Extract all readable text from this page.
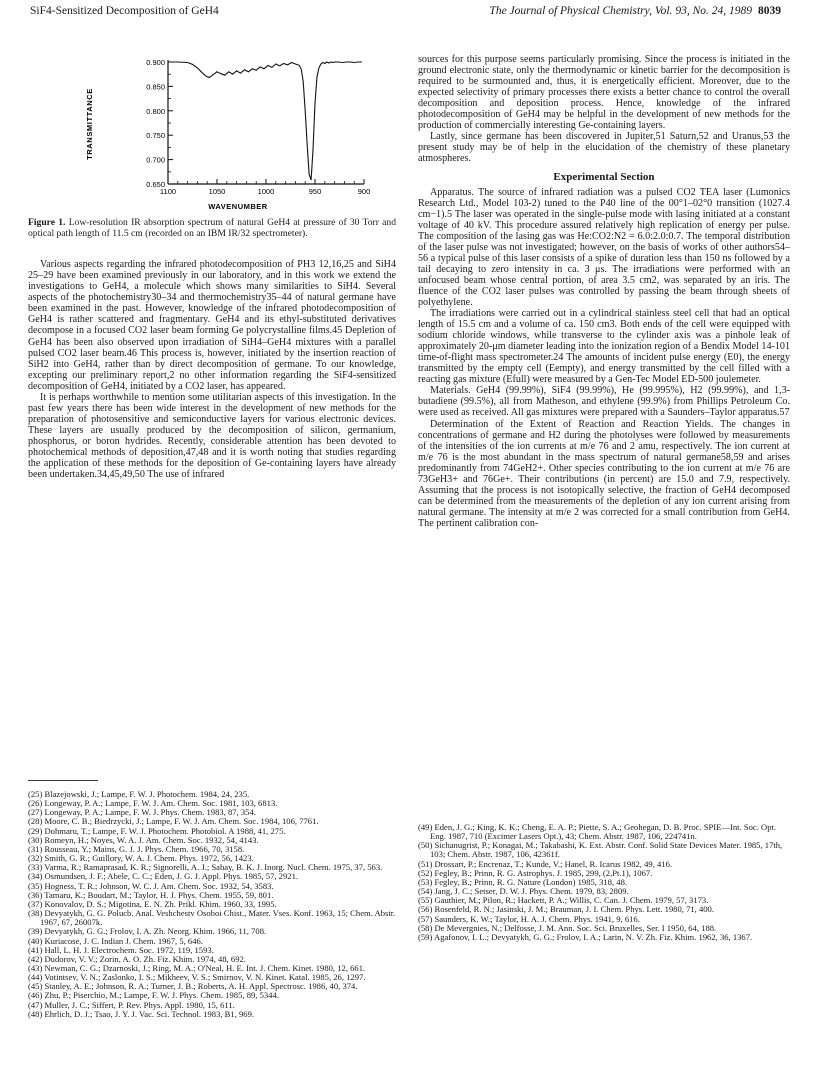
SiF4-Sensitized Decomposition of GeH4	The Journal of Physical Chemistry, Vol. 93, No. 24, 1989 8039
TRANSMITTANCE
0.900
0.850
0.800
0.750
0.700
0.650
1100	1050	1000	950	900
WAVENUMBER

Figure 1. Low-resolution IR absorption spectrum of natural GeH4 at pressure of 30 Torr and optical path length of 11.5 cm (recorded on an IBM IR/32 spectrometer).

Various aspects regarding the infrared photodecomposition of PH3 12,16,25 and SiH4 25–29 have been examined previously in our laboratory, and in this work we extend the investigations to GeH4, a molecule which shows many similarities to SiH4. Several aspects of the photochemistry30–34 and thermochemistry35–44 of natural germane have been examined in the past. However, knowledge of the infrared photodecomposition of GeH4 is rather scattered and fragmentary. GeH4 and its ethyl-substituted derivatives decompose in a focused CO2 laser beam forming Ge polycrystalline films.45 Depletion of GeH4 has been also observed upon irradiation of SiH4–GeH4 mixtures with a parallel pulsed CO2 laser beam.46 This process is, however, initiated by the insertion reaction of SiH2 into GeH4, rather than by direct decomposition of germane. To our knowledge, excepting our preliminary report,2 no other information regarding the SiF4-sensitized decomposition of GeH4, initiated by a CO2 laser, has appeared.

It is perhaps worthwhile to mention some utilitarian aspects of this investigation. In the past few years there has been wide interest in the development of new methods for the preparation of photosensitive and semiconductive layers for various electronic devices. These layers are usually produced by the decomposition of silicon, germanium, phosphorus, or boron hydrides. Recently, considerable attention has been devoted to photochemical methods of deposition,47,48 and it is worth noting that studies regarding the application of these methods for the deposition of Ge-containing layers have already been undertaken.34,45,49,50 The use of infrared

(25) Blazejowski, J.; Lampe, F. W. J. Photochem. 1984, 24, 235.
(26) Longeway, P. A.; Lampe, F. W. J. Am. Chem. Soc. 1981, 103, 6813.
(27) Longeway, P. A.; Lampe, F. W. J. Phys. Chem. 1983, 87, 354.
(28) Moore, C. B.; Biedrzycki, J.; Lampe, F. W. J. Am. Chem. Soc. 1984, 106, 7761.
(29) Dohmaru, T.; Lampe, F. W. J. Photochem. Photobiol. A 1988, 41, 275.
(30) Romeyn, H.; Noyes, W. A. J. Am. Chem. Soc. 1932, 54, 4143.
(31) Rousseau, Y.; Mains, G. J. J. Phys. Chem. 1966, 70, 3158.
(32) Smith, G. R.; Guillory, W. A. J. Chem. Phys. 1972, 56, 1423.
(33) Varma, R.; Ramaprasad, K. R.; Signorelli, A. J.; Sahay, B. K. J. Inorg. Nucl. Chem. 1975, 37, 563.
(34) Osmundsen, J. F.; Abele, C. C.; Eden, J. G. J. Appl. Phys. 1985, 57, 2921.
(35) Hogness, T. R.; Johnson, W. C. J. Am. Chem. Soc. 1932, 54, 3583.
(36) Tamaru, K.; Boudart, M.; Taylor, H. J. Phys. Chem. 1955, 59, 801.
(37) Konovalov, D. S.; Migotina, E. N. Zh. Prikl. Khim. 1960, 33, 1995.
(38) Devyatykh, G. G. Polucb. Anal. Veshchestv Osoboi Chist., Mater. Vses. Konf. 1963, 15; Chem. Abstr. 1967, 67, 26007k.
(39) Devyatykh, G. G.; Frolov, I. A. Zh. Neorg. Khim. 1966, 11, 708.
(40) Kuriacose, J. C. Indian J. Chem. 1967, 5, 646.
(41) Hall, L. H. J. Electrochem. Soc. 1972, 119, 1593.
(42) Dudorov, V. V.; Zorin, A. O. Zh. Fiz. Khim. 1974, 48, 692.
(43) Newman, C. G.; Dzarnoski, J.; Ring, M. A.; O'Neal, H. E. Int. J. Chem. Kinet. 1980, 12, 661.
(44) Votintsev, V. N.; Zaslonko, I. S.; Mikheev, V. S.; Smirnov, V. N. Kinet. Katal. 1985, 26, 1297.
(45) Stanley, A. E.; Johnson, R. A.; Turner, J. B.; Roberts, A. H. Appl. Spectrosc. 1986, 40, 374.
(46) Zhu, P.; Piserchio, M.; Lampe, F. W. J. Phys. Chem. 1985, 89, 5344.
(47) Muller, J. C.; Siffert, P. Rev. Phys. Appl. 1980, 15, 611.
(48) Ehrlich, D. J.; Tsao, J. Y. J. Vac. Sci. Technol. 1983, B1, 969.

sources for this purpose seems particularly promising. Since the process is initiated in the ground electronic state, only the thermodynamic or kinetic barrier for the decomposition is required to be surmounted and, thus, it is energetically efficient. Moreover, due to the expected selectivity of primary processes there exists a better chance to control the overall decomposition and deposition process. Hence, knowledge of the infrared photodecomposition of GeH4 may be helpful in the development of new methods for the production of commercially interesting Ge-containing layers.

Lastly, since germane has been discovered in Jupiter,51 Saturn,52 and Uranus,53 the present study may be of help in the elucidation of the chemistry of these planetary atmospheres.

Experimental Section

Apparatus. The source of infrared radiation was a pulsed CO2 TEA laser (Lumonics Research Ltd., Model 103-2) tuned to the P40 line of the 00°1–02°0 transition (1027.4 cm−1).5 The laser was operated in the single-pulse mode with lasing initiated at a constant voltage of 40 kV. This procedure assured relatively high replication of energy per pulse. The composition of the lasing gas was He:CO2:N2 = 6.0:2.0:0.7. The temporal distribution of the laser pulse was not investigated; however, on the basis of works of other authors54–56 a typical pulse of this laser consists of a spike of duration less than 150 ns followed by a tail decaying to zero intensity in ca. 3 μs. The irradiations were performed with an unfocused beam whose central portion, of area 3.5 cm2, was separated by an iris. The fluence of the CO2 laser pulses was controlled by passing the beam through sheets of polyethylene.

The irradiations were carried out in a cylindrical stainless steel cell that had an optical length of 15.5 cm and a volume of ca. 150 cm3. Both ends of the cell were equipped with sodium chloride windows, while transverse to the cylinder axis was a pinhole leak of approximately 20-μm diameter leading into the ionization region of a Bendix Model 14-101 time-of-flight mass spectrometer.24 The amounts of incident pulse energy (E0), the energy transmitted by the empty cell (Eempty), and energy transmitted by the cell filled with a reacting gas mixture (Efull) were measured by a Gen-Tec Model ED-500 joulemeter.

Materials. GeH4 (99.99%), SiF4 (99.99%), He (99.995%), H2 (99.99%), and 1,3-butadiene (99.5%), all from Matheson, and ethylene (99.9%) from Phillips Petroleum Co. were used as received. All gas mixtures were prepared with a Saunders–Taylor apparatus.57

Determination of the Extent of Reaction and Reaction Yields. The changes in concentrations of germane and H2 during the photolyses were followed by measurements of the intensities of the ion currents at m/e 76 and 2 amu, respectively. The ion current at m/e 76 is the most abundant in the mass spectrum of natural germane58,59 and arises predominantly from 74GeH2+. Other species contributing to the ion current at m/e 76 are 73GeH3+ and 76Ge+. Their contributions (in percent) are 15.0 and 7.9, respectively. Assuming that the process is not isotopically selective, the fraction of GeH4 decomposed can be determined from the measurements of the depletion of any ion current arising from natural germane. The intensity at m/e 2 was corrected for a small contribution from GeH4. The pertinent calibration con-

(49) Eden, J. G.; King, K. K.; Cheng, E. A. P.; Piette, S. A.; Geohegan, D. B. Proc. SPIE—Int. Soc. Opt. Eng. 1987, 710 (Excimer Lasers Opt.), 43; Chem. Abstr. 1987, 106, 224741n.
(50) Sichanugrist, P.; Konagai, M.; Takabashi, K. Ext. Abstr. Conf. Solid State Devices Mater. 1985, 17th, 103; Chem. Abstr. 1987, 106, 42361f.
(51) Drossart, P.; Encrenaz, T.; Kunde, V.; Hanel, R. Icarus 1982, 49, 416.
(52) Fegley, B.; Prinn, R. G. Astrophys. J. 1985, 299, (2,Pt.1), 1067.
(53) Fegley, B.; Prinn, R. G. Nature (London) 1985, 318, 48.
(54) Jang, J. C.; Setser, D. W. J. Phys. Chem. 1979, 83, 2809.
(55) Gauthier, M.; Pilon, R.; Hackett, P. A.; Willis, C. Can. J. Chem. 1979, 57, 3173.
(56) Rosenfeld, R. N.; Jasinski, J. M.; Brauman, J. I. Chem. Phys. Lett. 1980, 71, 400.
(57) Saunders, K. W.; Taylor, H. A. J. Chem. Phys. 1941, 9, 616.
(58) De Mevergnies, N.; Delfosse, J. M. Ann. Soc. Sci. Bruxelles, Ser. I 1950, 64, 188.
(59) Agafonov, I. L.; Devyatykh, G. G.; Frolov, I. A.; Larin, N. V. Zh. Fiz. Khim. 1962, 36, 1367.
